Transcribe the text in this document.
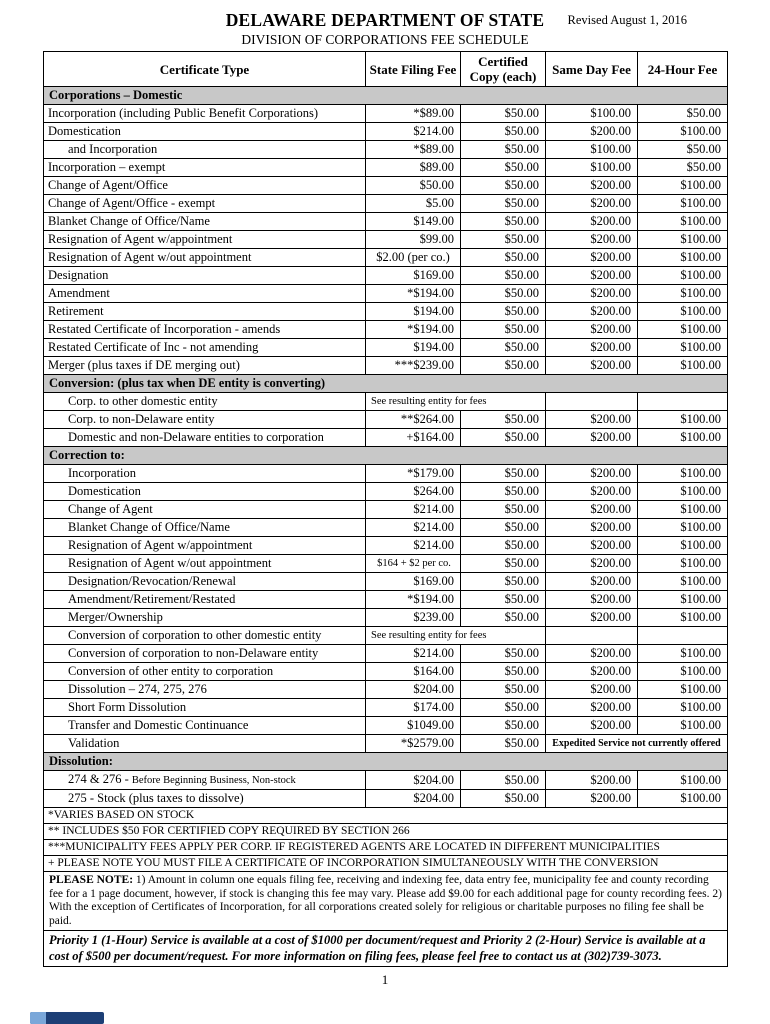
DELAWARE DEPARTMENT OF STATE Revised August 1, 2016
DIVISION OF CORPORATIONS FEE SCHEDULE
Certificate Type	State Filing Fee	Certified Copy (each)	Same Day Fee	24-Hour Fee
Corporations – Domestic				
Incorporation (including Public Benefit Corporations)	*$89.00	$50.00	$100.00	$50.00
Domestication	$214.00	$50.00	$200.00	$100.00
and Incorporation	*$89.00	$50.00	$100.00	$50.00
Incorporation – exempt	$89.00	$50.00	$100.00	$50.00
Change of Agent/Office	$50.00	$50.00	$200.00	$100.00
Change of Agent/Office - exempt	$5.00	$50.00	$200.00	$100.00
Blanket Change of Office/Name	$149.00	$50.00	$200.00	$100.00
Resignation of Agent w/appointment	$99.00	$50.00	$200.00	$100.00
Resignation of Agent w/out appointment	$2.00 (per co.)	$50.00	$200.00	$100.00
Designation	$169.00	$50.00	$200.00	$100.00
Amendment	*$194.00	$50.00	$200.00	$100.00
Retirement	$194.00	$50.00	$200.00	$100.00
Restated Certificate of Incorporation - amends	*$194.00	$50.00	$200.00	$100.00
Restated Certificate of Inc - not amending	$194.00	$50.00	$200.00	$100.00
Merger (plus taxes if DE merging out)	***$239.00	$50.00	$200.00	$100.00
Conversion: (plus tax when DE entity is converting)				
Corp. to other domestic entity	See resulting entity for fees			
Corp. to non-Delaware entity	**$264.00	$50.00	$200.00	$100.00
Domestic and non-Delaware entities to corporation	+$164.00	$50.00	$200.00	$100.00
Correction to:				
Incorporation	*$179.00	$50.00	$200.00	$100.00
Domestication	$264.00	$50.00	$200.00	$100.00
Change of Agent	$214.00	$50.00	$200.00	$100.00
Blanket Change of Office/Name	$214.00	$50.00	$200.00	$100.00
Resignation of Agent w/appointment	$214.00	$50.00	$200.00	$100.00
Resignation of Agent w/out appointment	$164 + $2 per co.	$50.00	$200.00	$100.00
Designation/Revocation/Renewal	$169.00	$50.00	$200.00	$100.00
Amendment/Retirement/Restated	*$194.00	$50.00	$200.00	$100.00
Merger/Ownership	$239.00	$50.00	$200.00	$100.00
Conversion of corporation to other domestic entity	See resulting entity for fees			
Conversion of corporation to non-Delaware entity	$214.00	$50.00	$200.00	$100.00
Conversion of other entity to corporation	$164.00	$50.00	$200.00	$100.00
Dissolution – 274, 275, 276	$204.00	$50.00	$200.00	$100.00
Short Form Dissolution	$174.00	$50.00	$200.00	$100.00
Transfer and Domestic Continuance	$1049.00	$50.00	$200.00	$100.00
Validation	*$2579.00	$50.00	Expedited Service not currently offered	
Dissolution:				
274 & 276 - Before Beginning Business, Non-stock	$204.00	$50.00	$200.00	$100.00
275 - Stock (plus taxes to dissolve)	$204.00	$50.00	$200.00	$100.00
*VARIES BASED ON STOCK				
** INCLUDES $50 FOR CERTIFIED COPY REQUIRED BY SECTION 266				
***MUNICIPALITY FEES APPLY PER CORP. IF REGISTERED AGENTS ARE LOCATED IN DIFFERENT MUNICIPALITIES				
+ PLEASE NOTE YOU MUST FILE A CERTIFICATE OF INCORPORATION SIMULTANEOUSLY WITH THE CONVERSION				
PLEASE NOTE: 1) Amount in column one equals filing fee, receiving and indexing fee, data entry fee, municipality fee and county recording fee for a 1 page document, however, if stock is changing this fee may vary. Please add $9.00 for each additional page for county recording fees. 2) With the exception of Certificates of Incorporation, for all corporations created solely for religious or charitable purposes no filing fee shall be paid.				
Priority 1 (1-Hour) Service is available at a cost of $1000 per document/request and Priority 2 (2-Hour) Service is available at a cost of $500 per document/request. For more information on filing fees, please feel free to contact us at (302)739-3073.				
1
